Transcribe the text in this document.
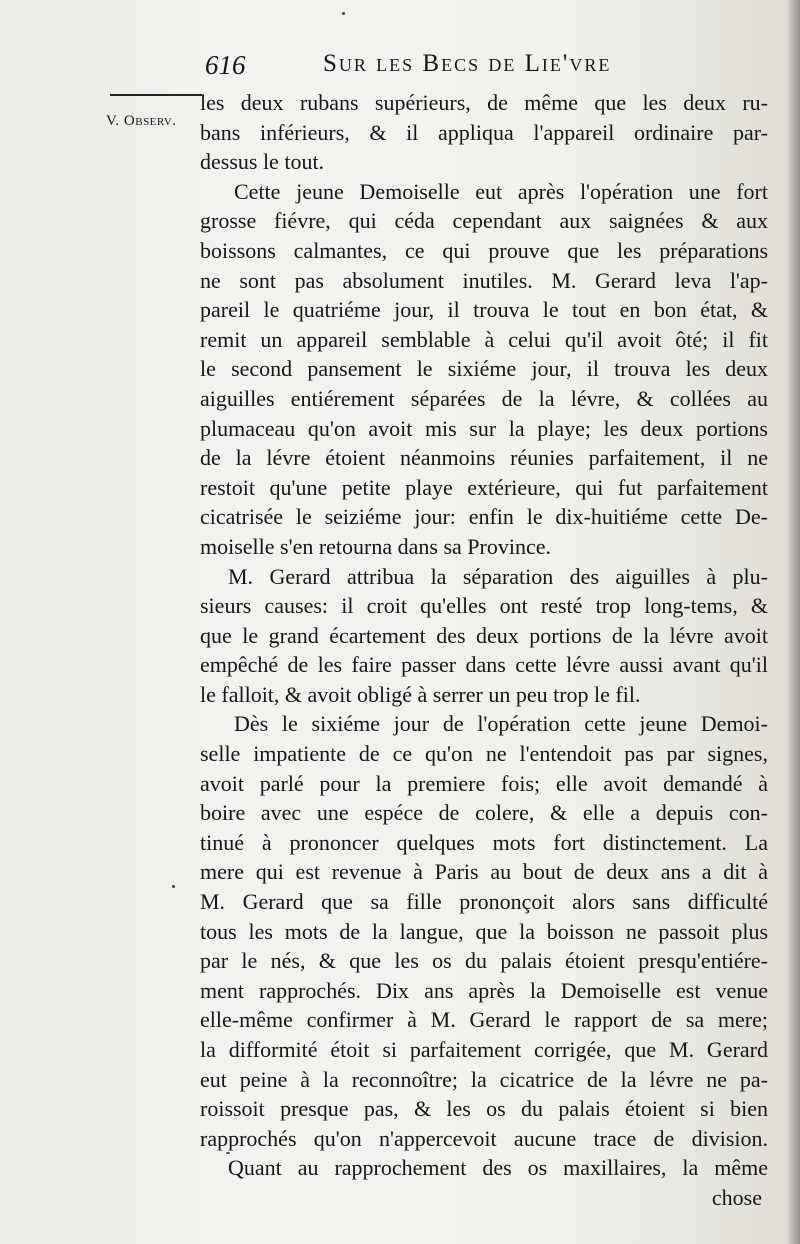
616	Sur les Becs de Lie'vre
V. Observ.
les deux rubans supérieurs, de même que les deux ru-
bans inférieurs, & il appliqua l'appareil ordinaire par-
dessus le tout.
Cette jeune Demoiselle eut après l'opération une fort
grosse fiévre, qui céda cependant aux saignées & aux
boissons calmantes, ce qui prouve que les préparations
ne sont pas absolument inutiles. M. Gerard leva l'ap-
pareil le quatriéme jour, il trouva le tout en bon état, &
remit un appareil semblable à celui qu'il avoit ôté; il fit
le second pansement le sixiéme jour, il trouva les deux
aiguilles entiérement séparées de la lévre, & collées au
plumaceau qu'on avoit mis sur la playe; les deux portions
de la lévre étoient néanmoins réunies parfaitement, il ne
restoit qu'une petite playe extérieure, qui fut parfaitement
cicatrisée le seiziéme jour: enfin le dix-huitiéme cette De-
moiselle s'en retourna dans sa Province.
M. Gerard attribua la séparation des aiguilles à plu-
sieurs causes: il croit qu'elles ont resté trop long-tems, &
que le grand écartement des deux portions de la lévre avoit
empêché de les faire passer dans cette lévre aussi avant qu'il
le falloit, & avoit obligé à serrer un peu trop le fil.
Dès le sixiéme jour de l'opération cette jeune Demoi-
selle impatiente de ce qu'on ne l'entendoit pas par signes,
avoit parlé pour la premiere fois; elle avoit demandé à
boire avec une espéce de colere, & elle a depuis con-
tinué à prononcer quelques mots fort distinctement. La
mere qui est revenue à Paris au bout de deux ans a dit à
M. Gerard que sa fille prononçoit alors sans difficulté
tous les mots de la langue, que la boisson ne passoit plus
par le nés, & que les os du palais étoient presqu'entiére-
ment rapprochés. Dix ans après la Demoiselle est venue
elle-même confirmer à M. Gerard le rapport de sa mere;
la difformité étoit si parfaitement corrigée, que M. Gerard
eut peine à la reconnoître; la cicatrice de la lévre ne pa-
roissoit presque pas, & les os du palais étoient si bien
rapprochés qu'on n'appercevoit aucune trace de division.
Quant au rapprochement des os maxillaires, la même
chose
